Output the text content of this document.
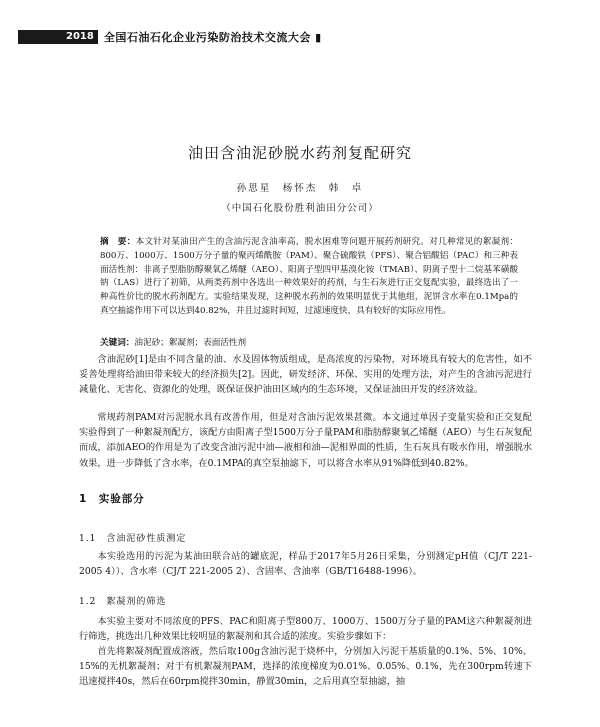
2018 全国石油石化企业污染防治技术交流大会 ▮
油田含油泥砂脱水药剂复配研究
孙思星　杨怀杰　韩　卓
（中国石化股份胜利油田分公司）
摘　要：本文针对某油田产生的含油污泥含油率高，脱水困难等问题开展药剂研究。对几种常见的絮凝剂：800万、1000万、1500万分子量的聚丙烯酰胺（PAM）、聚合硫酸铁（PFS）、聚合铝酸铝（PAC）和三种表面活性剂：非离子型脂肪醇聚氧乙烯醚（AEO）、阳离子型四甲基溴化铵（TMAB）、阴离子型十二烷基苯磺酸钠（LAS）进行了初筛，从两类药剂中各选出一种效果好的药剂，与生石灰进行正交复配实验，最终选出了一种高性价比的脱水药剂配方。实验结果发现，这种脱水药剂的效果明显优于其他组，泥饼含水率在0.1Mpa的真空抽滤作用下可以达到40.82%，并且过滤时间短，过滤速度快，具有较好的实际应用性。
关键词：油泥砂；絮凝剂；表面活性剂

含油泥砂[1]是由不同含量的油、水及固体物质组成，是高浓度的污染物，对环境具有较大的危害性，如不妥善处理将给油田带来较大的经济损失[2]。因此，研发经济、环保、实用的处理方法，对产生的含油污泥进行减量化、无害化、资源化的处理，既保证保护油田区域内的生态环境，又保证油田开发的经济效益。

常规药剂PAM对污泥脱水具有改善作用，但是对含油污泥效果甚微。本文通过单因子变量实验和正交复配实验得到了一种絮凝剂配方，该配方由阳离子型1500万分子量PAM和脂肪醇聚氧乙烯醚（AEO）与生石灰复配而成，添加AEO的作用是为了改变含油污泥中油—液相和油—泥相界面的性质，生石灰具有吸水作用，增强脱水效果，进一步降低了含水率，在0.1MPA的真空泵抽滤下，可以将含水率从91%降低到40.82%。

1　实验部分
1.1　含油泥砂性质测定

本实验选用的污泥为某油田联合站的罐底泥，样品于2017年5月26日采集，分别测定pH值（CJ/T 221-2005 4））、含水率（CJ/T 221-2005 2）、含固率、含油率（GB/T16488-1996）。

1.2　絮凝剂的筛选

本实验主要对不同浓度的PFS、PAC和阳离子型800万、1000万、1500万分子量的PAM这六种絮凝剂进行筛选，挑选出几种效果比较明显的絮凝剂和其合适的浓度。实验步骤如下：

首先将絮凝剂配置成溶液，然后取100g含油污泥于烧杯中，分别加入污泥干基质量的0.1%、5%、10%、15%的无机絮凝剂；对于有机絮凝剂PAM，选择的浓度梯度为0.01%、0.05%、0.1%，先在300rpm转速下迅速搅拌40s，然后在60rpm搅拌30min，静置30min，之后用真空泵抽滤，抽
